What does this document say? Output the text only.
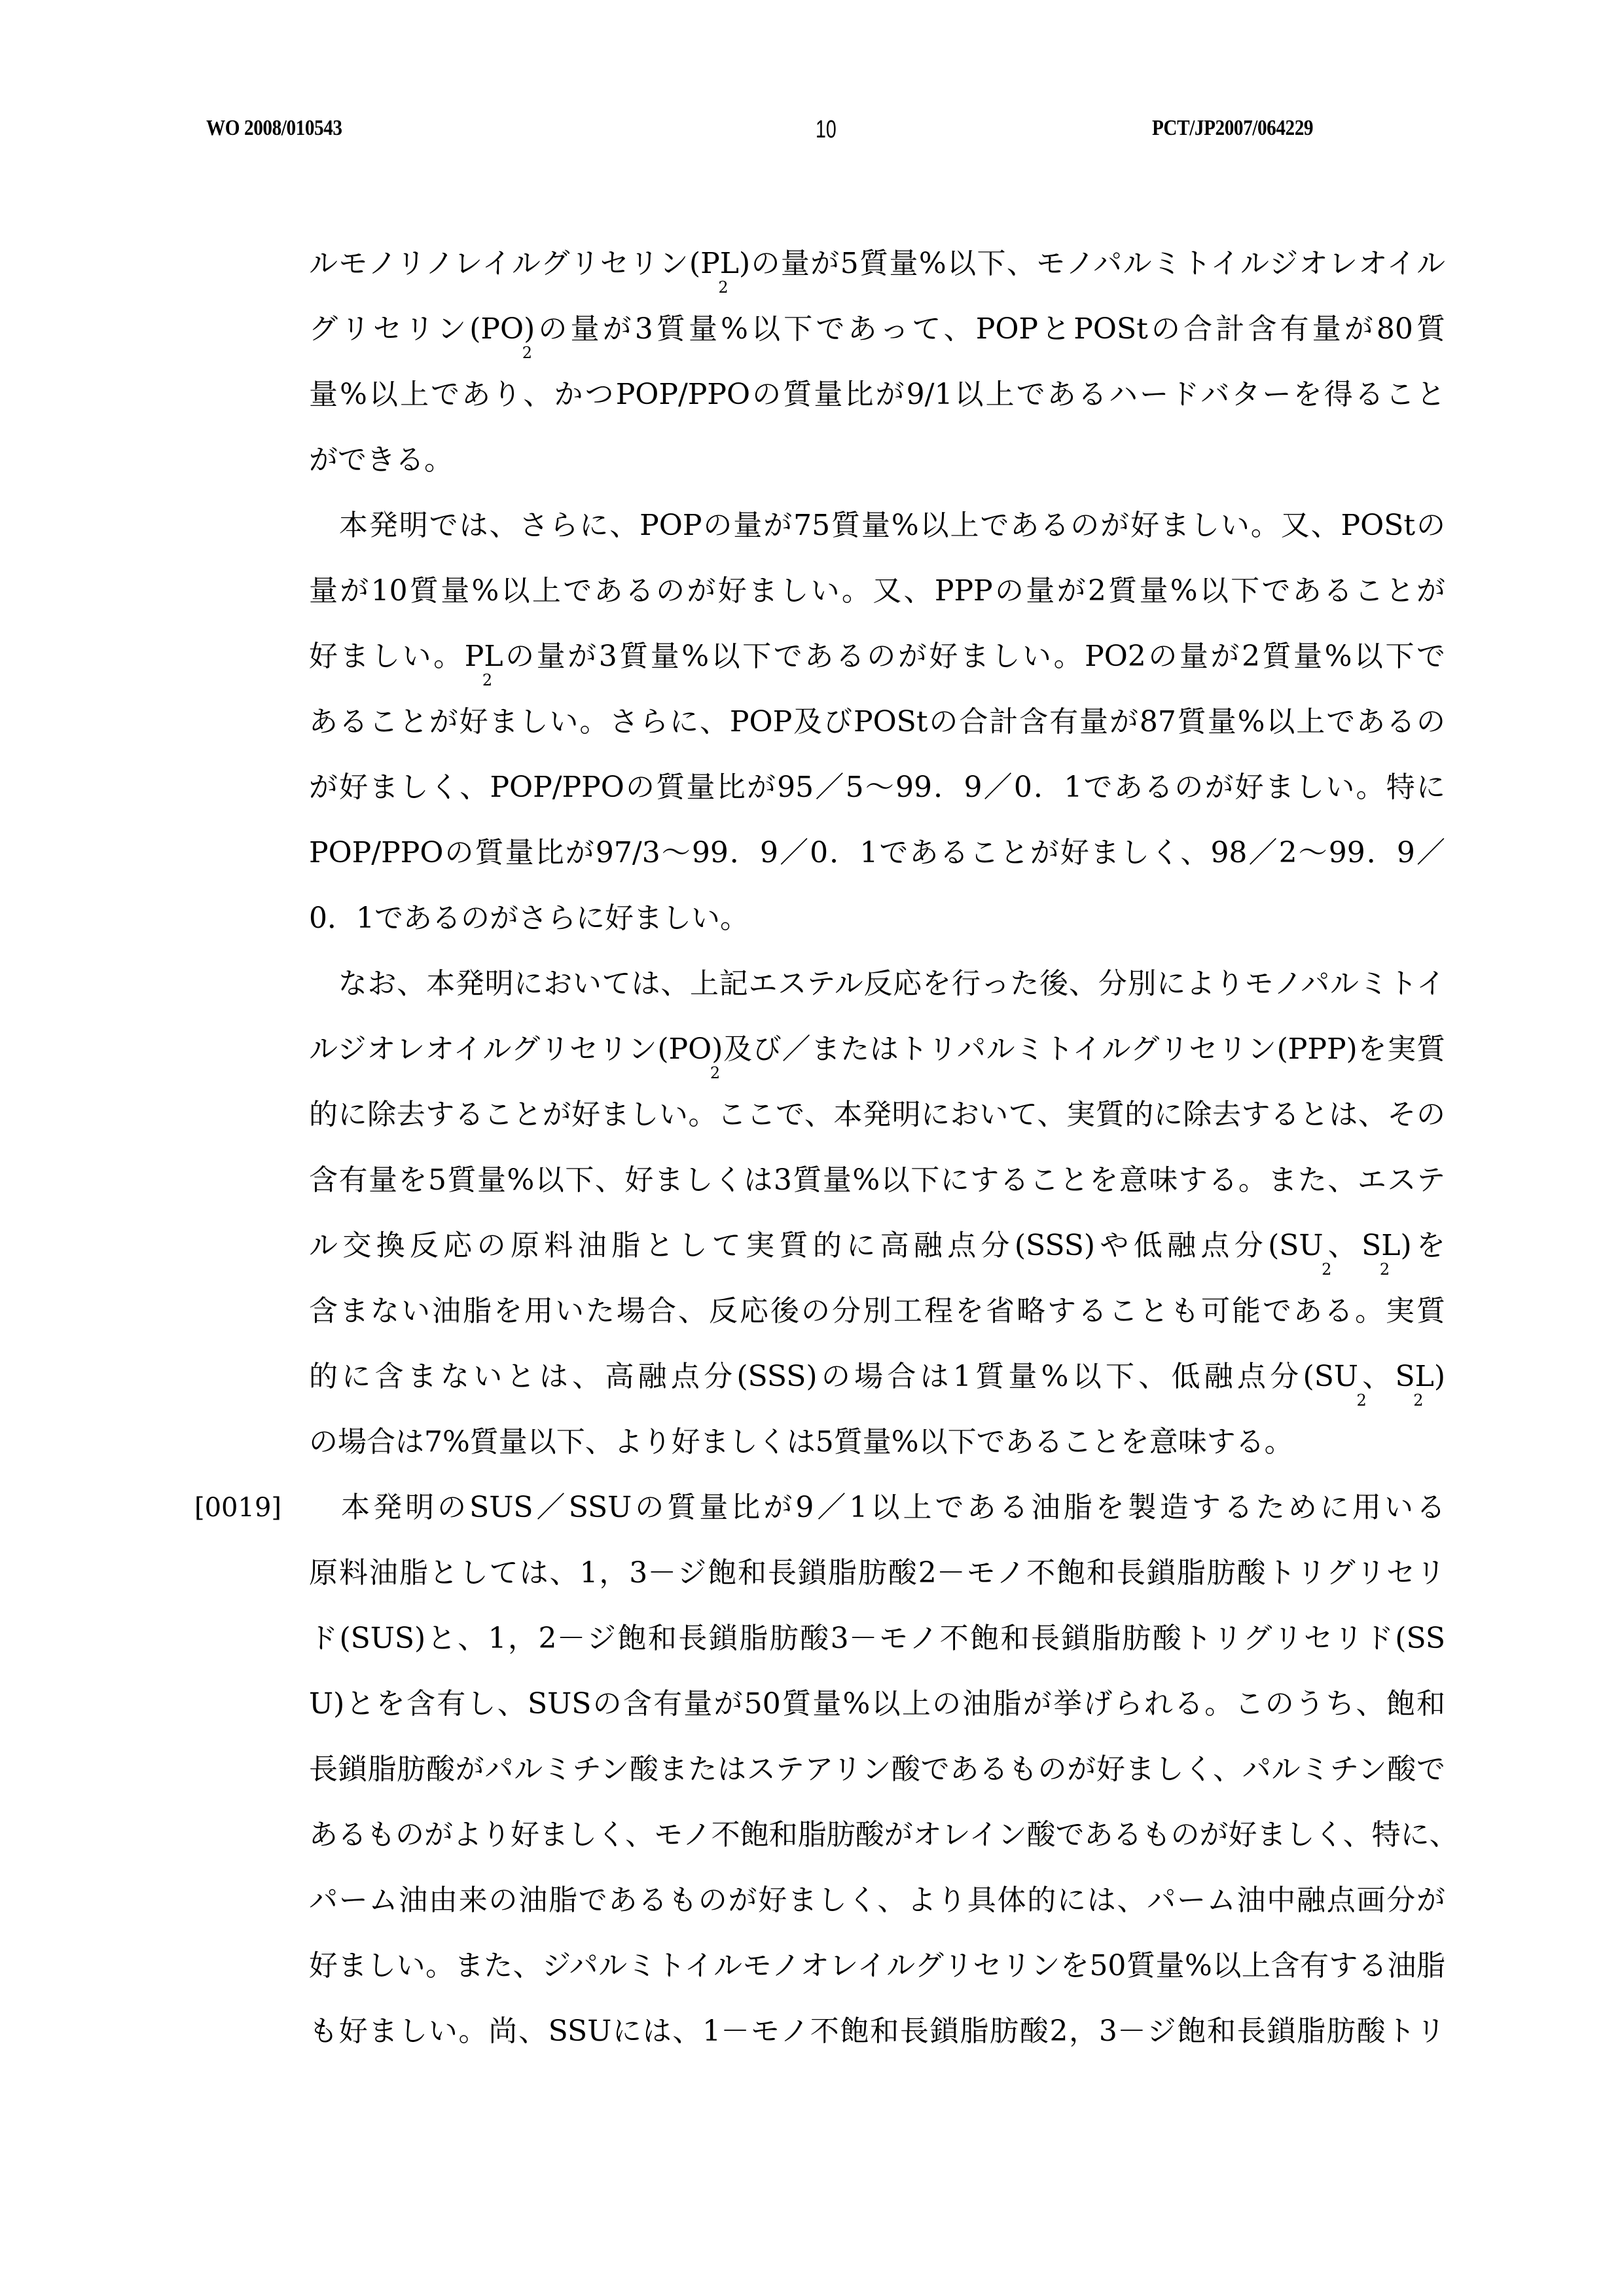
WO 2008/010543	10	PCT/JP2007/064229
ルモノリノレイルグリセリン(P2L)の量が5質量%以下、モノパルミトイルジオレオイル
グリセリン(PO2)の量が3質量%以下であって、POPとPOStの合計含有量が80質
量%以上であり、かつPOP/PPOの質量比が9/1以上であるハードバターを得ること
ができる。
　本発明では、さらに、POPの量が75質量%以上であるのが好ましい。又、POStの
量が10質量%以上であるのが好ましい。又、PPPの量が2質量%以下であることが
好ましい。P2Lの量が3質量%以下であるのが好ましい。PO2の量が2質量%以下で
あることが好ましい。さらに、POP及びPOStの合計含有量が87質量%以上であるの
が好ましく、POP/PPOの質量比が95／5～99．9／0．1であるのが好ましい。特に
POP/PPOの質量比が97/3～99．9／0．1であることが好ましく、98／2～99．9／
0．1であるのがさらに好ましい。
　なお、本発明においては、上記エステル反応を行った後、分別によりモノパルミトイ
ルジオレオイルグリセリン(PO2)及び／またはトリパルミトイルグリセリン(PPP)を実質
的に除去することが好ましい。ここで、本発明において、実質的に除去するとは、その
含有量を5質量%以下、好ましくは3質量%以下にすることを意味する。また、エステ
ル交換反応の原料油脂として実質的に高融点分(SSS)や低融点分(SU2、S2L)を
含まない油脂を用いた場合、反応後の分別工程を省略することも可能である。実質
的に含まないとは、高融点分(SSS)の場合は1質量%以下、低融点分(SU2、S2L)
の場合は7%質量以下、より好ましくは5質量%以下であることを意味する。
　本発明のSUS／SSUの質量比が9／1以上である油脂を製造するために用いる
原料油脂としては、1，3－ジ飽和長鎖脂肪酸2－モノ不飽和長鎖脂肪酸トリグリセリ
ド(SUS)と、1，2－ジ飽和長鎖脂肪酸3－モノ不飽和長鎖脂肪酸トリグリセリド(SS
U)とを含有し、SUSの含有量が50質量%以上の油脂が挙げられる。このうち、飽和
長鎖脂肪酸がパルミチン酸またはステアリン酸であるものが好ましく、パルミチン酸で
あるものがより好ましく、モノ不飽和脂肪酸がオレイン酸であるものが好ましく、特に、
パーム油由来の油脂であるものが好ましく、より具体的には、パーム油中融点画分が
好ましい。また、ジパルミトイルモノオレイルグリセリンを50質量%以上含有する油脂
も好ましい。尚、SSUには、1－モノ不飽和長鎖脂肪酸2，3－ジ飽和長鎖脂肪酸トリ
[0019]
